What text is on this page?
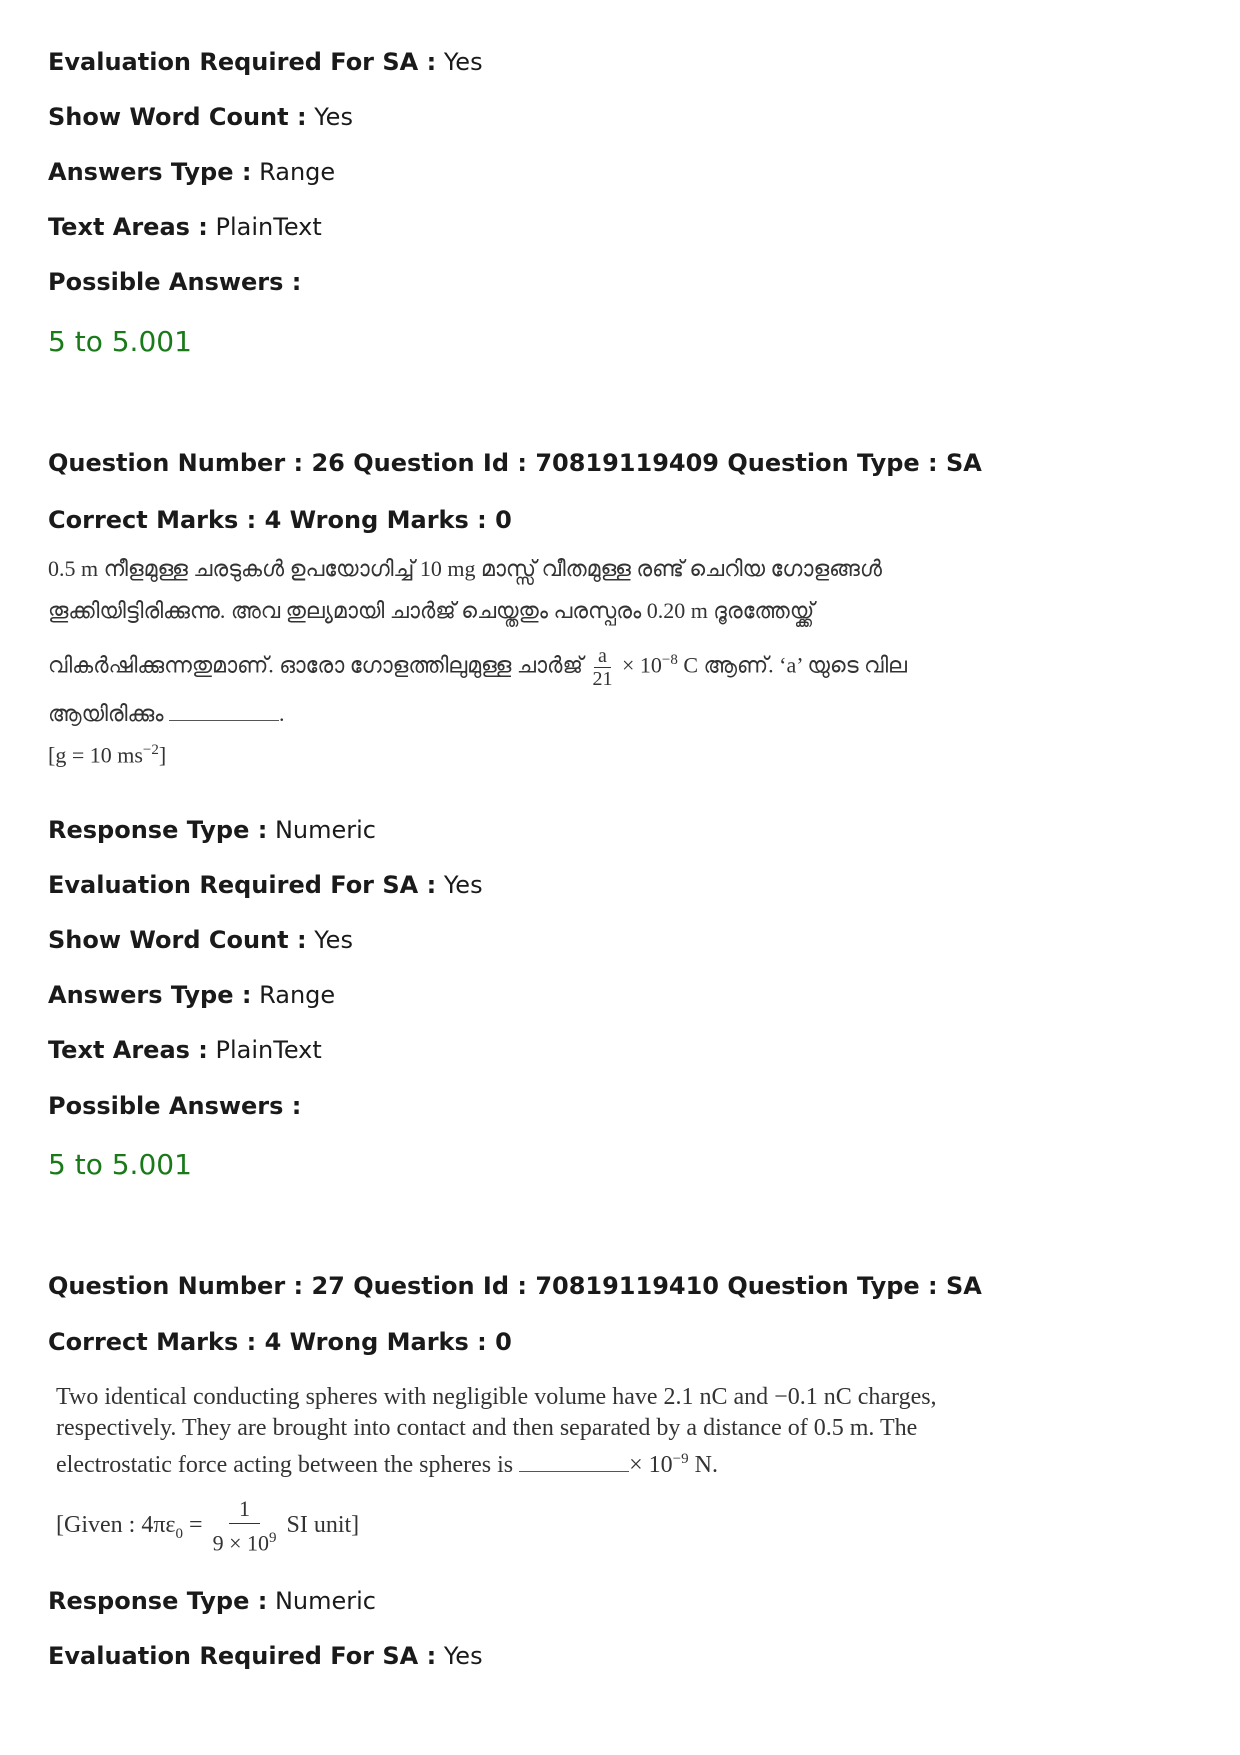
Evaluation Required For SA : Yes
Show Word Count : Yes
Answers Type : Range
Text Areas : PlainText
Possible Answers :
5 to 5.001
Question Number : 26 Question Id : 70819119409 Question Type : SA
Correct Marks : 4 Wrong Marks : 0
0.5 m നീളമുള്ള ചരടുകൾ ഉപയോഗിച്ച് 10 mg മാസ്സ് വീതമുള്ള രണ്ട് ചെറിയ ഗോളങ്ങൾ
തൂക്കിയിട്ടിരിക്കുന്നു. അവ തുല്യമായി ചാർജ് ചെയ്തതും പരസ്പരം 0.20 m ദൂരത്തേയ്ക്ക്
വികർഷിക്കുന്നതുമാണ്. ഓരോ ഗോളത്തിലുമുള്ള ചാർജ് $\frac{a}{21} \times 10^{-8}$ C ആണ്. ‘a’ യുടെ വില
ആയിരിക്കും	.
[g = 10 $ms^{-2}$]
Response Type : Numeric
Evaluation Required For SA : Yes
Show Word Count : Yes
Answers Type : Range
Text Areas : PlainText
Possible Answers :
5 to 5.001
Question Number : 27 Question Id : 70819119410 Question Type : SA
Correct Marks : 4 Wrong Marks : 0
Two identical conducting spheres with negligible volume have 2.1 nC and −0.1 nC charges,
respectively. They are brought into contact and then separated by a distance of 0.5 m. The
electrostatic force acting between the spheres is	× $10^{-9}$ N.
[Given : $4\pi\varepsilon_0 = \frac{1}{9 \times 10^9}$ SI unit]
Response Type : Numeric
Evaluation Required For SA : Yes
